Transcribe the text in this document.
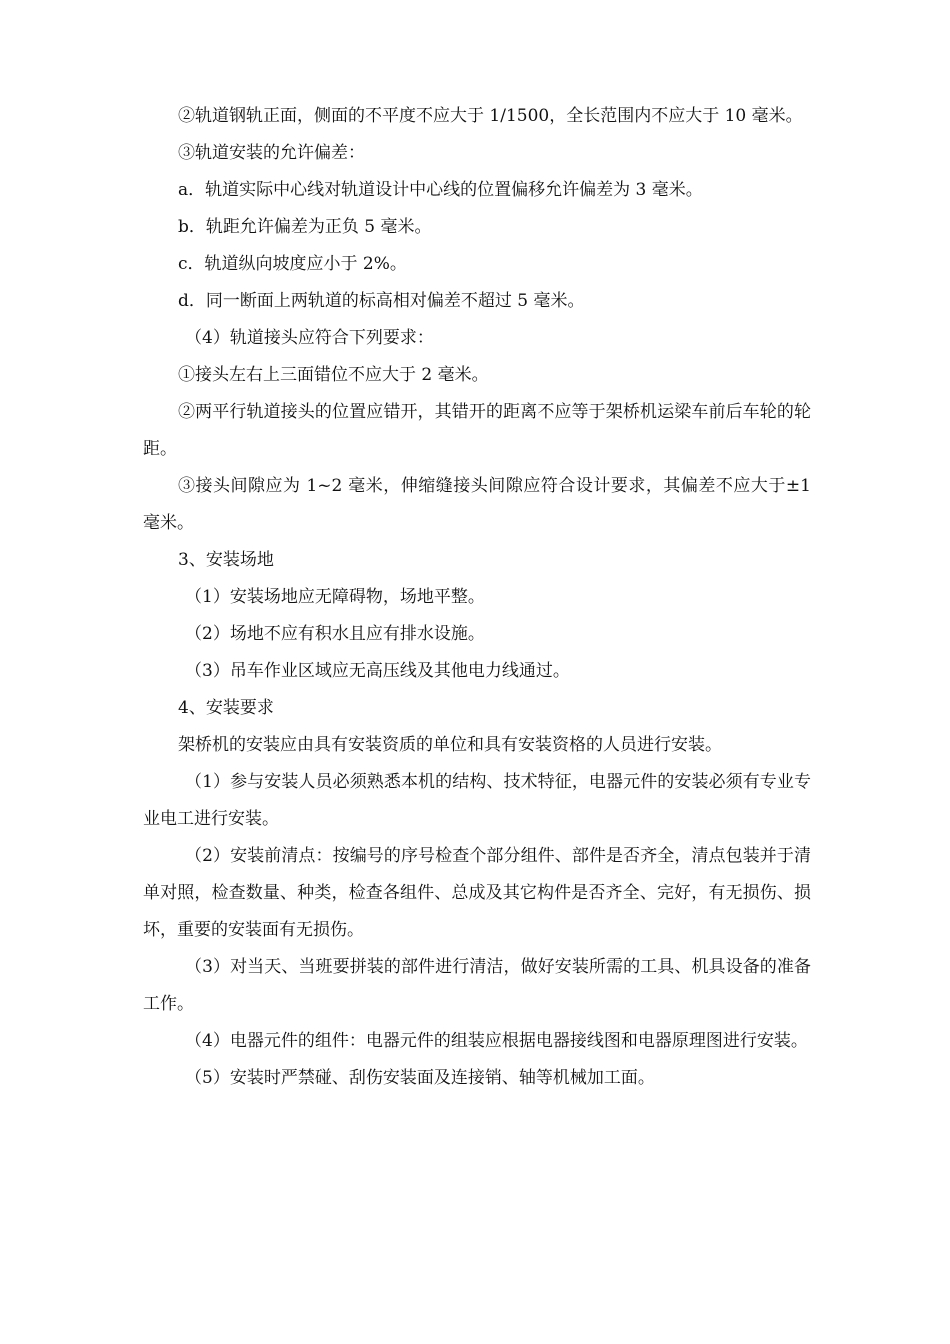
②轨道钢轨正面，侧面的不平度不应大于 1/1500，全长范围内不应大于 10 毫米。

③轨道安装的允许偏差：

a．轨道实际中心线对轨道设计中心线的位置偏移允许偏差为 3 毫米。

b．轨距允许偏差为正负 5 毫米。

c．轨道纵向坡度应小于 2%。

d．同一断面上两轨道的标高相对偏差不超过 5 毫米。

（4）轨道接头应符合下列要求：

①接头左右上三面错位不应大于 2 毫米。

②两平行轨道接头的位置应错开，其错开的距离不应等于架桥机运梁车前后车轮的轮距。

③接头间隙应为 1~2 毫米，伸缩缝接头间隙应符合设计要求，其偏差不应大于±1 毫米。

3、安装场地

（1）安装场地应无障碍物，场地平整。

（2）场地不应有积水且应有排水设施。

（3）吊车作业区域应无高压线及其他电力线通过。

4、安装要求

架桥机的安装应由具有安装资质的单位和具有安装资格的人员进行安装。

（1）参与安装人员必须熟悉本机的结构、技术特征，电器元件的安装必须有专业专业电工进行安装。

（2）安装前清点：按编号的序号检查个部分组件、部件是否齐全，清点包装并于清单对照，检查数量、种类，检查各组件、总成及其它构件是否齐全、完好，有无损伤、损坏，重要的安装面有无损伤。

（3）对当天、当班要拼装的部件进行清洁，做好安装所需的工具、机具设备的准备工作。

（4）电器元件的组件：电器元件的组装应根据电器接线图和电器原理图进行安装。

（5）安装时严禁碰、刮伤安装面及连接销、轴等机械加工面。
